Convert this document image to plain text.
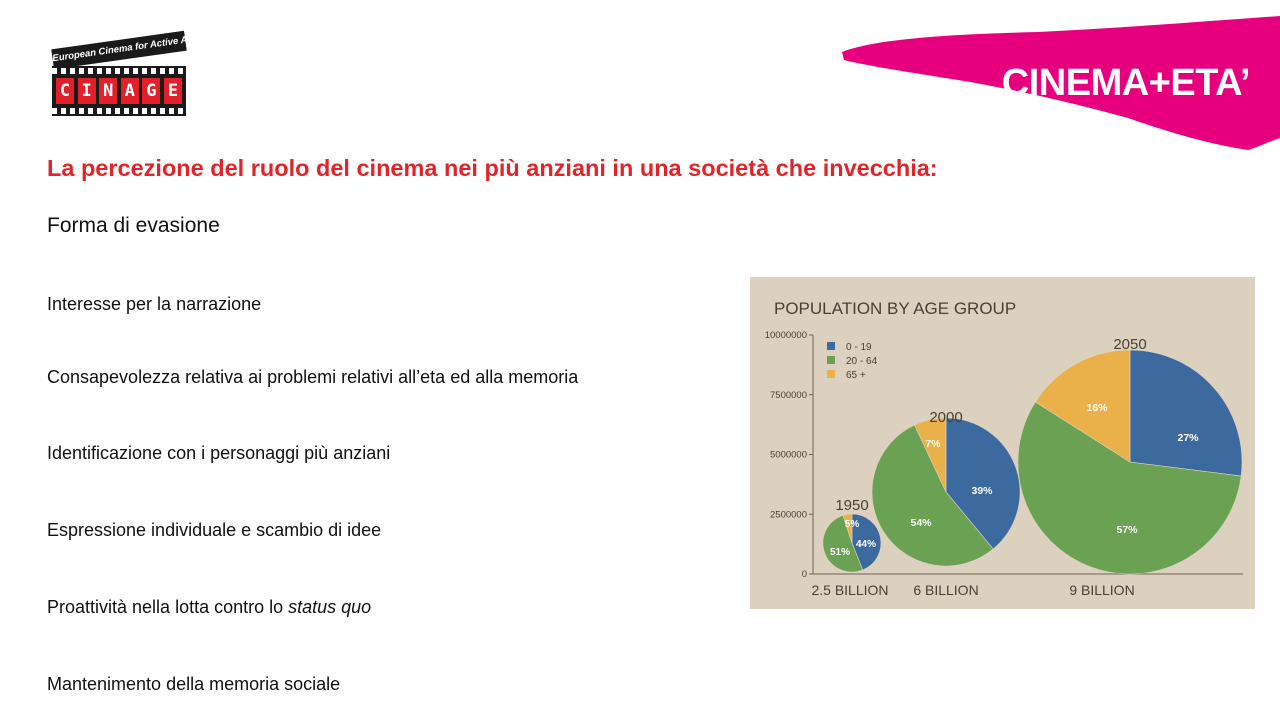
European Cinema for Active Ageing
C I N A G E	CINEMA+ETA’
La percezione del ruolo del cinema nei più anziani in una società che invecchia:
Forma di evasione
Interesse per la narrazione
Consapevolezza relativa ai problemi relativi all’eta ed alla memoria
Identificazione con i personaggi più anziani
Espressione individuale e scambio di idee
Proattività nella lotta contro lo status quo
Mantenimento della memoria sociale
POPULATION BY AGE GROUP
10000000
7500000
5000000
2500000
0
0 - 19
20 - 64
65 +
44%
51%
5%
1950
2.5 BILLION
39%
54%
7%
2000
6 BILLION
27%
57%
16%
2050
9 BILLION
